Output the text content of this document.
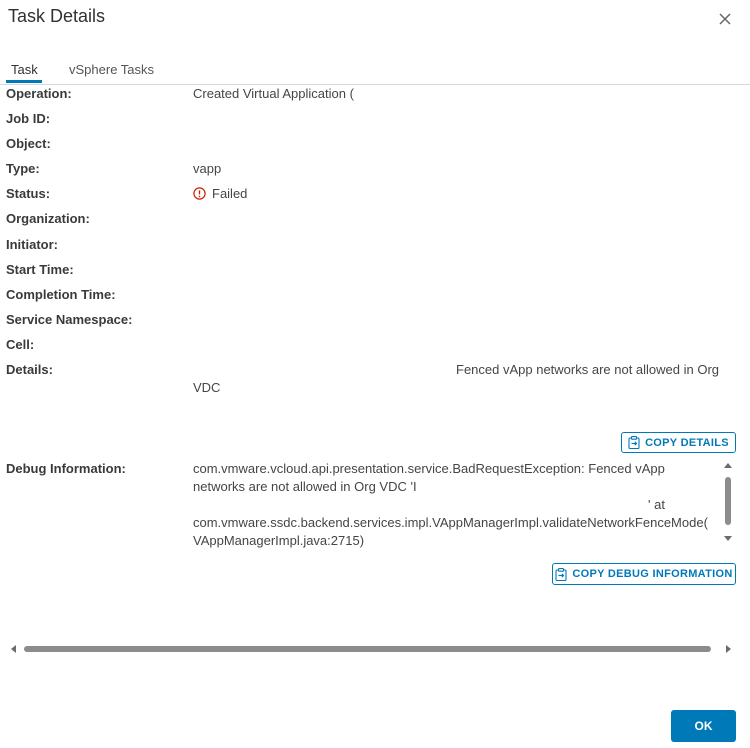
Task Details
Task vSphere Tasks
Operation:	Created Virtual Application (
Job ID:
Object:
Type:	vapp
Status:	Failed
Organization:
Initiator:
Start Time:
Completion Time:
Service Namespace:
Cell:
Details:	Fenced vApp networks are not allowed in Org
VDC
COPY DETAILS
Debug Information:	com.vmware.vcloud.api.presentation.service.BadRequestException: Fenced vApp
networks are not allowed in Org VDC 'I
' at
com.vmware.ssdc.backend.services.impl.VAppManagerImpl.validateNetworkFenceMode(
VAppManagerImpl.java:2715)
COPY DEBUG INFORMATION
OK
